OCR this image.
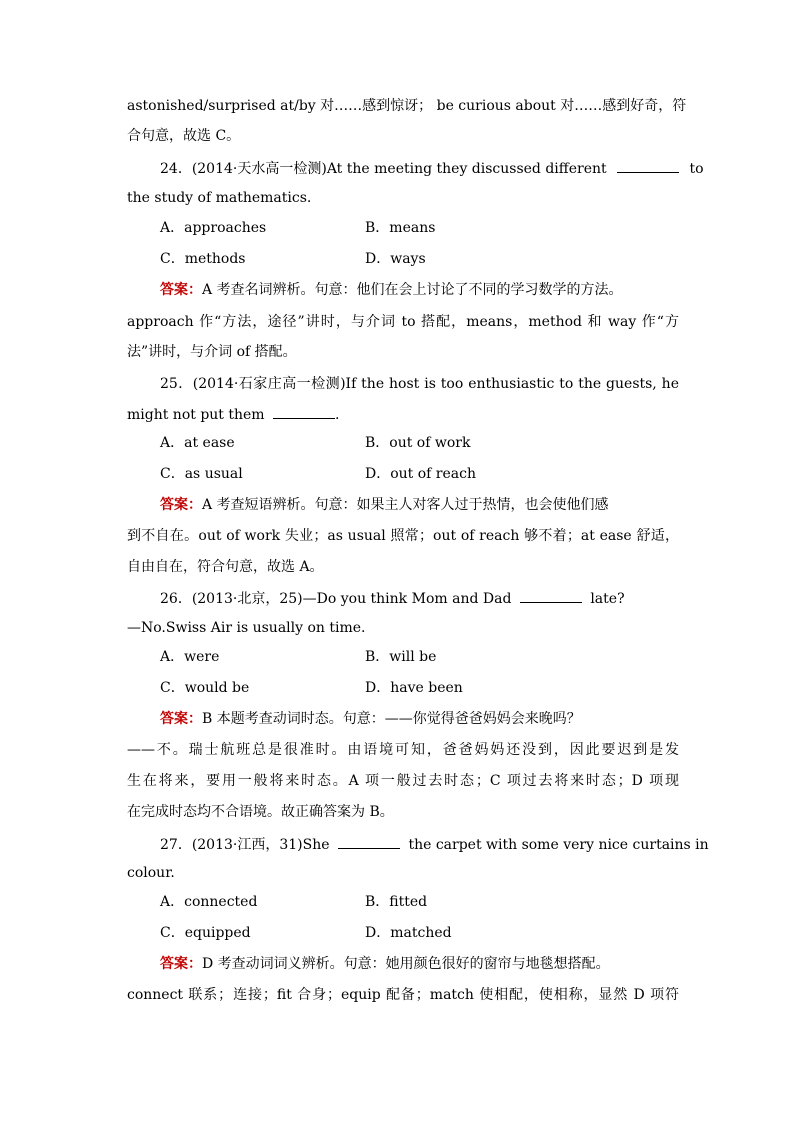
astonished/surprised at/by 对……感到惊讶； be curious about 对……感到好奇，符
合句意，故选 C。
24．(2014·天水高一检测)At the meeting they discussed different	to
the study of mathematics.
A．approaches	B．means
C．methods	D．ways
答案：A 考查名词辨析。句意：他们在会上讨论了不同的学习数学的方法。
approach 作“方法，途径”讲时，与介词 to 搭配，means，method 和 way 作“方
法”讲时，与介词 of 搭配。
25．(2014·石家庄高一检测)If the host is too enthusiastic to the guests, he
might not put them	.
A．at ease	B．out of work
C．as usual	D．out of reach
答案：A 考查短语辨析。句意：如果主人对客人过于热情，也会使他们感
到不自在。out of work 失业；as usual 照常；out of reach 够不着；at ease 舒适，
自由自在，符合句意，故选 A。
26．(2013·北京，25)—Do you think Mom and Dad	late?
—No.Swiss Air is usually on time.
A．were	B．will be
C．would be	D．have been
答案：B 本题考查动词时态。句意：——你觉得爸爸妈妈会来晚吗？
——不。瑞士航班总是很准时。由语境可知，爸爸妈妈还没到，因此要迟到是发
生在将来，要用一般将来时态。A 项一般过去时态；C 项过去将来时态；D 项现
在完成时态均不合语境。故正确答案为 B。
27．(2013·江西，31)She	the carpet with some very nice curtains in
colour.
A．connected	B．fitted
C．equipped	D．matched
答案：D 考查动词词义辨析。句意：她用颜色很好的窗帘与地毯想搭配。
connect 联系；连接；fit 合身；equip 配备；match 使相配，使相称，显然 D 项符
